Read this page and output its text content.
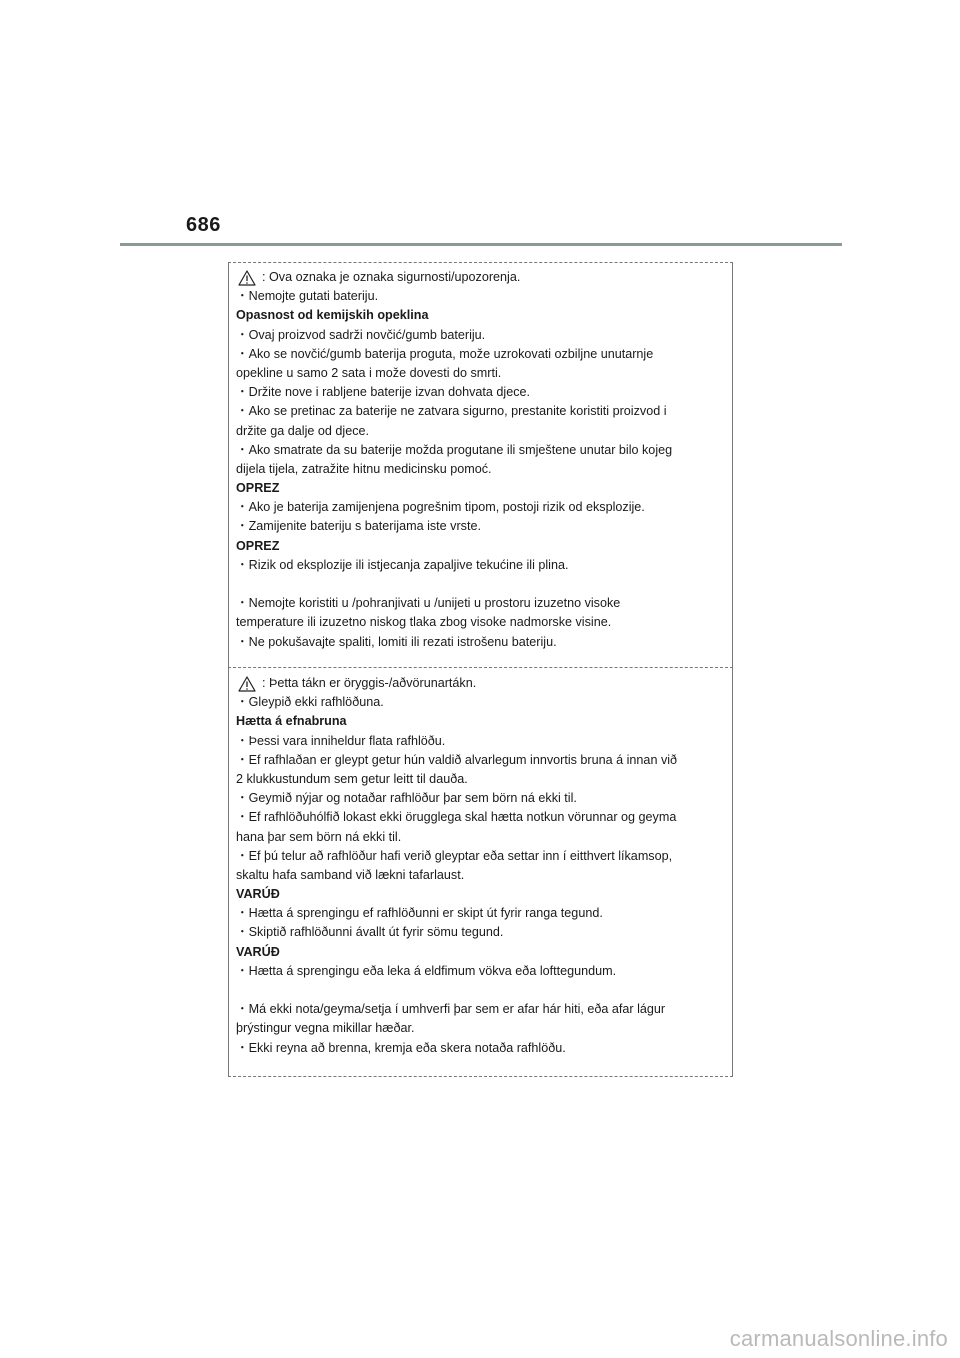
686
: Ova oznaka je oznaka sigurnosti/upozorenja.
・Nemojte gutati bateriju.
Opasnost od kemijskih opeklina
・Ovaj proizvod sadrži novčić/gumb bateriju.
・Ako se novčić/gumb baterija proguta, može uzrokovati ozbiljne unutarnje
opekline u samo 2 sata i može dovesti do smrti.
・Držite nove i rabljene baterije izvan dohvata djece.
・Ako se pretinac za baterije ne zatvara sigurno, prestanite koristiti proizvod i
držite ga dalje od djece.
・Ako smatrate da su baterije možda progutane ili smještene unutar bilo kojeg
dijela tijela, zatražite hitnu medicinsku pomoć.
OPREZ
・Ako je baterija zamijenjena pogrešnim tipom, postoji rizik od eksplozije.
・Zamijenite bateriju s baterijama iste vrste.
OPREZ
・Rizik od eksplozije ili istjecanja zapaljive tekućine ili plina.
・Nemojte koristiti u /pohranjivati u /unijeti u prostoru izuzetno visoke
temperature ili izuzetno niskog tlaka zbog visoke nadmorske visine.
・Ne pokušavajte spaliti, lomiti ili rezati istrošenu bateriju.
: Þetta tákn er öryggis-/aðvörunartákn.
・Gleypið ekki rafhlöðuna.
Hætta á efnabruna
・Þessi vara inniheldur flata rafhlöðu.
・Ef rafhlaðan er gleypt getur hún valdið alvarlegum innvortis bruna á innan við
2 klukkustundum sem getur leitt til dauða.
・Geymið nýjar og notaðar rafhlöður þar sem börn ná ekki til.
・Ef rafhlöðuhólfið lokast ekki örugglega skal hætta notkun vörunnar og geyma
hana þar sem börn ná ekki til.
・Ef þú telur að rafhlöður hafi verið gleyptar eða settar inn í eitthvert líkamsop,
skaltu hafa samband við lækni tafarlaust.
VARÚÐ
・Hætta á sprengingu ef rafhlöðunni er skipt út fyrir ranga tegund.
・Skiptið rafhlöðunni ávallt út fyrir sömu tegund.
VARÚÐ
・Hætta á sprengingu eða leka á eldfimum vökva eða lofttegundum.
・Má ekki nota/geyma/setja í umhverfi þar sem er afar hár hiti, eða afar lágur
þrýstingur vegna mikillar hæðar.
・Ekki reyna að brenna, kremja eða skera notaða rafhlöðu.
carmanualsonline.info
